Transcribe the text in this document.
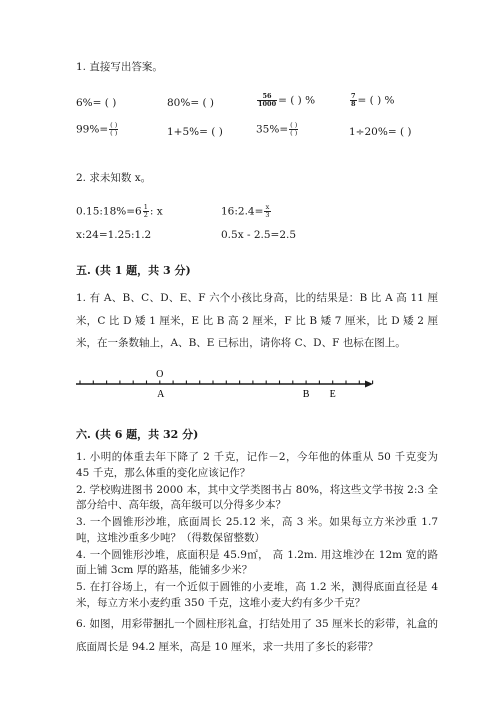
1. 直接写出答案。
6%= ( )	80%= ( )	$\frac{56}{1000}$ = ( ) %	$\frac{7}{8}$ = ( ) %
$99\%= \frac{( )}{( )}$	1+5%= ( )	$35\%= \frac{( )}{( )}$	1÷20%= ( )
2. 求未知数 x。
0.15:18%=6 $\frac{1}{2}$ : x	16:2.4= $\frac{x}{3}$
x:24=1.25:1.2	0.5x - 2.5=2.5
五. (共 1 题，共 3 分)
1. 有 A、B、C、D、E、F 六个小孩比身高，比的结果是：B 比 A 高 11 厘米，C 比 D 矮 1 厘米，E 比 B 高 2 厘米，F 比 B 矮 7 厘米，比 D 矮 2 厘米，在一条数轴上，A、B、E 已标出，请你将 C、D、F 也标在图上。
O
A	B E
六. (共 6 题，共 32 分)

1. 小明的体重去年下降了 2 千克，记作－2，今年他的体重从 50 千克变为 45 千克，那么体重的变化应该记作？

2. 学校购进图书 2000 本，其中文学类图书占 80%，将这些文学书按 2:3 全部分给中、高年级，高年级可以分得多少本？

3. 一个圆锥形沙堆，底面周长 25.12 米，高 3 米。如果每立方米沙重 1.7 吨，这堆沙重多少吨？（得数保留整数）

4. 一个圆锥形沙堆，底面积是 45.9㎡， 高 1.2m. 用这堆沙在 12m 宽的路面上铺 3cm 厚的路基，能铺多少米？

5. 在打谷场上，有一个近似于圆锥的小麦堆，高 1.2 米，测得底面直径是 4 米，每立方米小麦约重 350 千克，这堆小麦大约有多少千克？

6. 如图，用彩带捆扎一个圆柱形礼盒，打结处用了 35 厘米长的彩带，礼盒的底面周长是 94.2 厘米，高是 10 厘米，求一共用了多长的彩带？
